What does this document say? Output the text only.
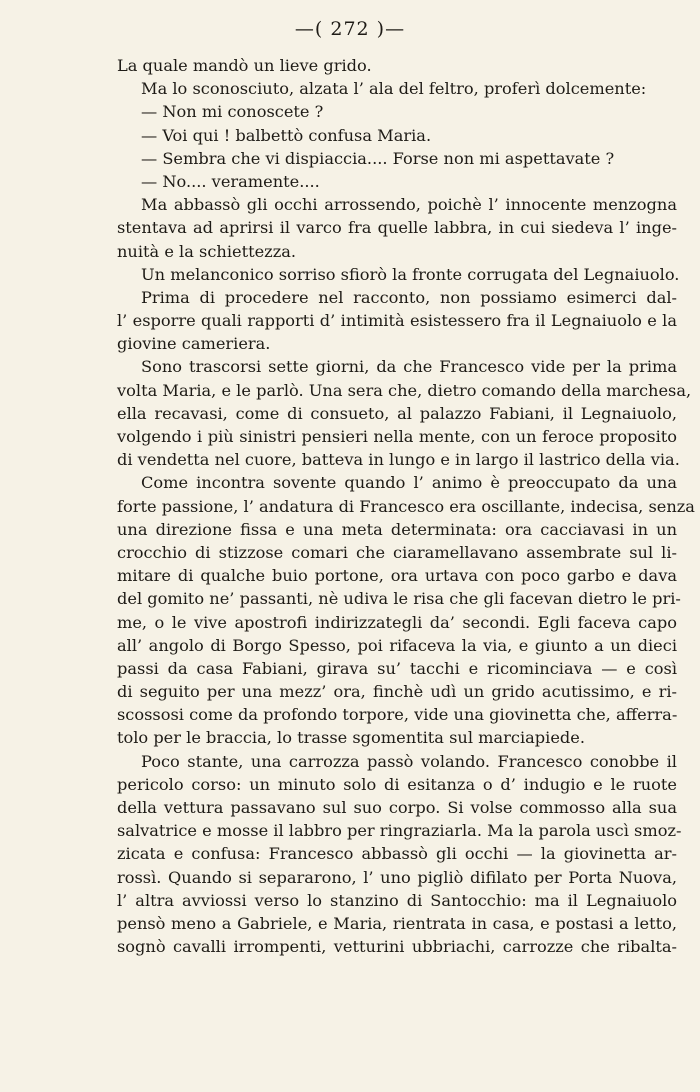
—( 272 )—
La quale mandò un lieve grido.
Ma lo sconosciuto, alzata l’ ala del feltro, proferì dolcemente:
— Non mi conoscete ?
— Voi qui ! balbettò confusa Maria.
— Sembra che vi dispiaccia.... Forse non mi aspettavate ?
— No.... veramente....
Ma abbassò gli occhi arrossendo, poichè l’ innocente menzogna
stentava ad aprirsi il varco fra quelle labbra, in cui siedeva l’ inge-
nuità e la schiettezza.
Un melanconico sorriso sfiorò la fronte corrugata del Legnaiuolo.
Prima di procedere nel racconto, non possiamo esimerci dal-
l’ esporre quali rapporti d’ intimità esistessero fra il Legnaiuolo e la
giovine cameriera.
Sono trascorsi sette giorni, da che Francesco vide per la prima
volta Maria, e le parlò. Una sera che, dietro comando della marchesa,
ella recavasi, come di consueto, al palazzo Fabiani, il Legnaiuolo,
volgendo i più sinistri pensieri nella mente, con un feroce proposito
di vendetta nel cuore, batteva in lungo e in largo il lastrico della via.
Come incontra sovente quando l’ animo è preoccupato da una
forte passione, l’ andatura di Francesco era oscillante, indecisa, senza
una direzione fissa e una meta determinata: ora cacciavasi in un
crocchio di stizzose comari che ciaramellavano assembrate sul li-
mitare di qualche buio portone, ora urtava con poco garbo e dava
del gomito ne’ passanti, nè udiva le risa che gli facevan dietro le pri-
me, o le vive apostrofi indirizzategli da’ secondi. Egli faceva capo
all’ angolo di Borgo Spesso, poi rifaceva la via, e giunto a un dieci
passi da casa Fabiani, girava su’ tacchi e ricominciava — e così
di seguito per una mezz’ ora, finchè udì un grido acutissimo, e ri-
scossosi come da profondo torpore, vide una giovinetta che, afferra-
tolo per le braccia, lo trasse sgomentita sul marciapiede.
Poco stante, una carrozza passò volando. Francesco conobbe il
pericolo corso: un minuto solo di esitanza o d’ indugio e le ruote
della vettura passavano sul suo corpo. Si volse commosso alla sua
salvatrice e mosse il labbro per ringraziarla. Ma la parola uscì smoz-
zicata e confusa: Francesco abbassò gli occhi — la giovinetta ar-
rossì. Quando si separarono, l’ uno pigliò difilato per Porta Nuova,
l’ altra avviossi verso lo stanzino di Santocchio: ma il Legnaiuolo
pensò meno a Gabriele, e Maria, rientrata in casa, e postasi a letto,
sognò cavalli irrompenti, vetturini ubbriachi, carrozze che ribalta-
